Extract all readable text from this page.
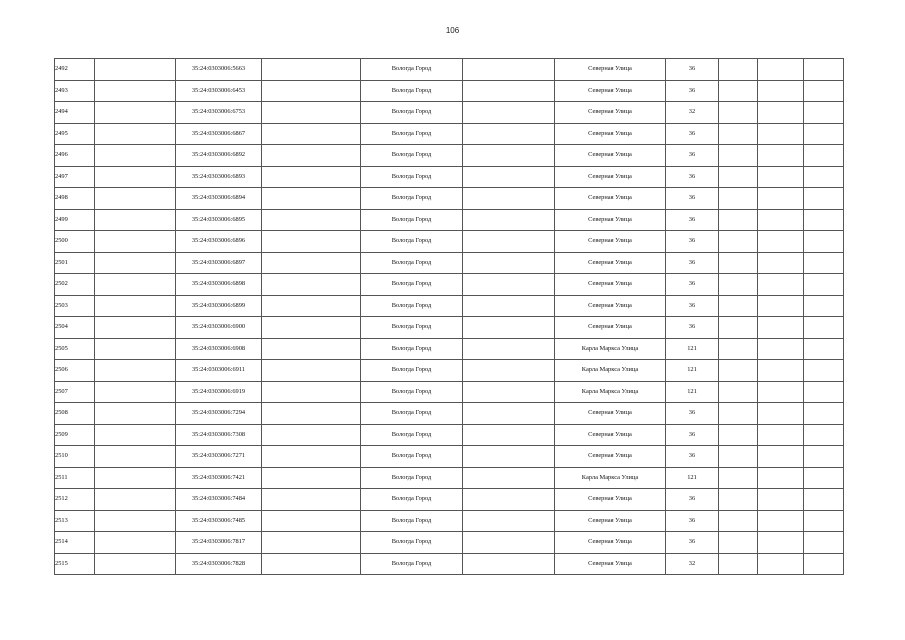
106
2492		35:24:0303006:5663		Вологда Город		Северная Улица	36			
2493		35:24:0303006:6453		Вологда Город		Северная Улица	36			
2494		35:24:0303006:6753		Вологда Город		Северная Улица	32			
2495		35:24:0303006:6867		Вологда Город		Северная Улица	36			
2496		35:24:0303006:6892		Вологда Город		Северная Улица	36			
2497		35:24:0303006:6893		Вологда Город		Северная Улица	36			
2498		35:24:0303006:6894		Вологда Город		Северная Улица	36			
2499		35:24:0303006:6895		Вологда Город		Северная Улица	36			
2500		35:24:0303006:6896		Вологда Город		Северная Улица	36			
2501		35:24:0303006:6897		Вологда Город		Северная Улица	36			
2502		35:24:0303006:6898		Вологда Город		Северная Улица	36			
2503		35:24:0303006:6899		Вологда Город		Северная Улица	36			
2504		35:24:0303006:6900		Вологда Город		Северная Улица	36			
2505		35:24:0303006:6908		Вологда Город		Карла Маркса Улица	121			
2506		35:24:0303006:6911		Вологда Город		Карла Маркса Улица	121			
2507		35:24:0303006:6919		Вологда Город		Карла Маркса Улица	121			
2508		35:24:0303006:7294		Вологда Город		Северная Улица	36			
2509		35:24:0303006:7308		Вологда Город		Северная Улица	36			
2510		35:24:0303006:7271		Вологда Город		Северная Улица	36			
2511		35:24:0303006:7421		Вологда Город		Карла Маркса Улица	121			
2512		35:24:0303006:7484		Вологда Город		Северная Улица	36			
2513		35:24:0303006:7485		Вологда Город		Северная Улица	36			
2514		35:24:0303006:7817		Вологда Город		Северная Улица	36			
2515		35:24:0303006:7828		Вологда Город		Северная Улица	32			
